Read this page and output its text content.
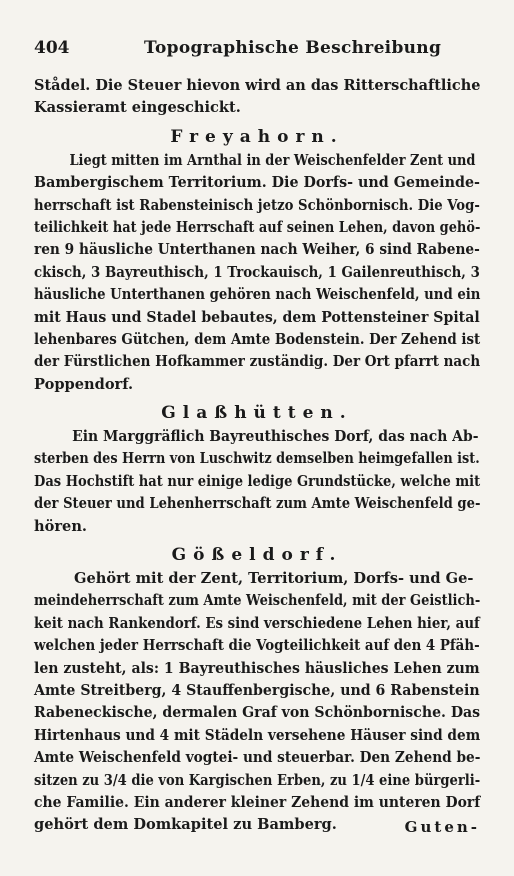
404	Topographische Beschreibung
Stådel. Die Steuer hievon wird an das Ritterschaftliche
Kassieramt eingeschickt.
Freyahorn.
Liegt mitten im Arnthal in der Weischenfelder Zent und
Bambergischem Territorium. Die Dorfs- und Gemeinde-
herrschaft ist Rabensteinisch jetzo Schönbornisch. Die Vog-
teilichkeit hat jede Herrschaft auf seinen Lehen, davon gehö-
ren 9 häusliche Unterthanen nach Weiher, 6 sind Rabene-
ckisch, 3 Bayreuthisch, 1 Trockauisch, 1 Gailenreuthisch, 3
häusliche Unterthanen gehören nach Weischenfeld, und ein
mit Haus und Stadel bebautes, dem Pottensteiner Spital
lehenbares Gütchen, dem Amte Bodenstein. Der Zehend ist
der Fürstlichen Hofkammer zuständig. Der Ort pfarrt nach
Poppendorf.
Glaßhütten.
Ein Marggräflich Bayreuthisches Dorf, das nach Ab-
sterben des Herrn von Luschwitz demselben heimgefallen ist.
Das Hochstift hat nur einige ledige Grundstücke, welche mit
der Steuer und Lehenherrschaft zum Amte Weischenfeld ge-
hören.
Gößeldorf.
Gehört mit der Zent, Territorium, Dorfs- und Ge-
meindeherrschaft zum Amte Weischenfeld, mit der Geistlich-
keit nach Rankendorf. Es sind verschiedene Lehen hier, auf
welchen jeder Herrschaft die Vogteilichkeit auf den 4 Pfäh-
len zusteht, als: 1 Bayreuthisches häusliches Lehen zum
Amte Streitberg, 4 Stauffenbergische, und 6 Rabenstein
Rabeneckische, dermalen Graf von Schönbornische. Das
Hirtenhaus und 4 mit Städeln versehene Häuser sind dem
Amte Weischenfeld vogtei- und steuerbar. Den Zehend be-
sitzen zu 3/4 die von Kargischen Erben, zu 1/4 eine bürgerli-
che Familie. Ein anderer kleiner Zehend im unteren Dorf
gehört dem Domkapitel zu Bamberg.	Guten-
